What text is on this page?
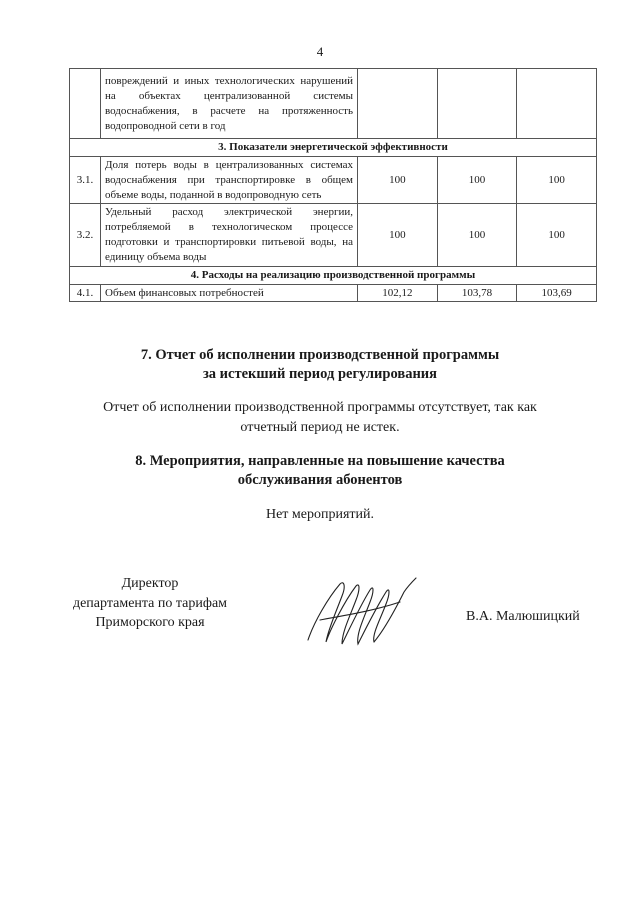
4
	повреждений и иных технологических нарушений на объектах централизованной системы водоснабжения, в расчете на протяженность водопроводной сети в год			
3. Показатели энергетической эффективности				
3.1.	Доля потерь воды в централизованных системах водоснабжения при транспортировке в общем объеме воды, поданной в водопроводную сеть	100	100	100
3.2.	Удельный расход электрической энергии, потребляемой в технологическом процессе подготовки и транспортировки питьевой воды, на единицу объема воды	100	100	100
4. Расходы на реализацию производственной программы				
4.1.	Объем финансовых потребностей	102,12	103,78	103,69
7. Отчет об исполнении производственной программы
за истекший период регулирования

Отчет об исполнении производственной программы отсутствует, так как
отчетный период не истек.

8. Мероприятия, направленные на повышение качества
обслуживания абонентов

Нет мероприятий.

Директор
департамента по тарифам
Приморского края	В.А. Малюшицкий
